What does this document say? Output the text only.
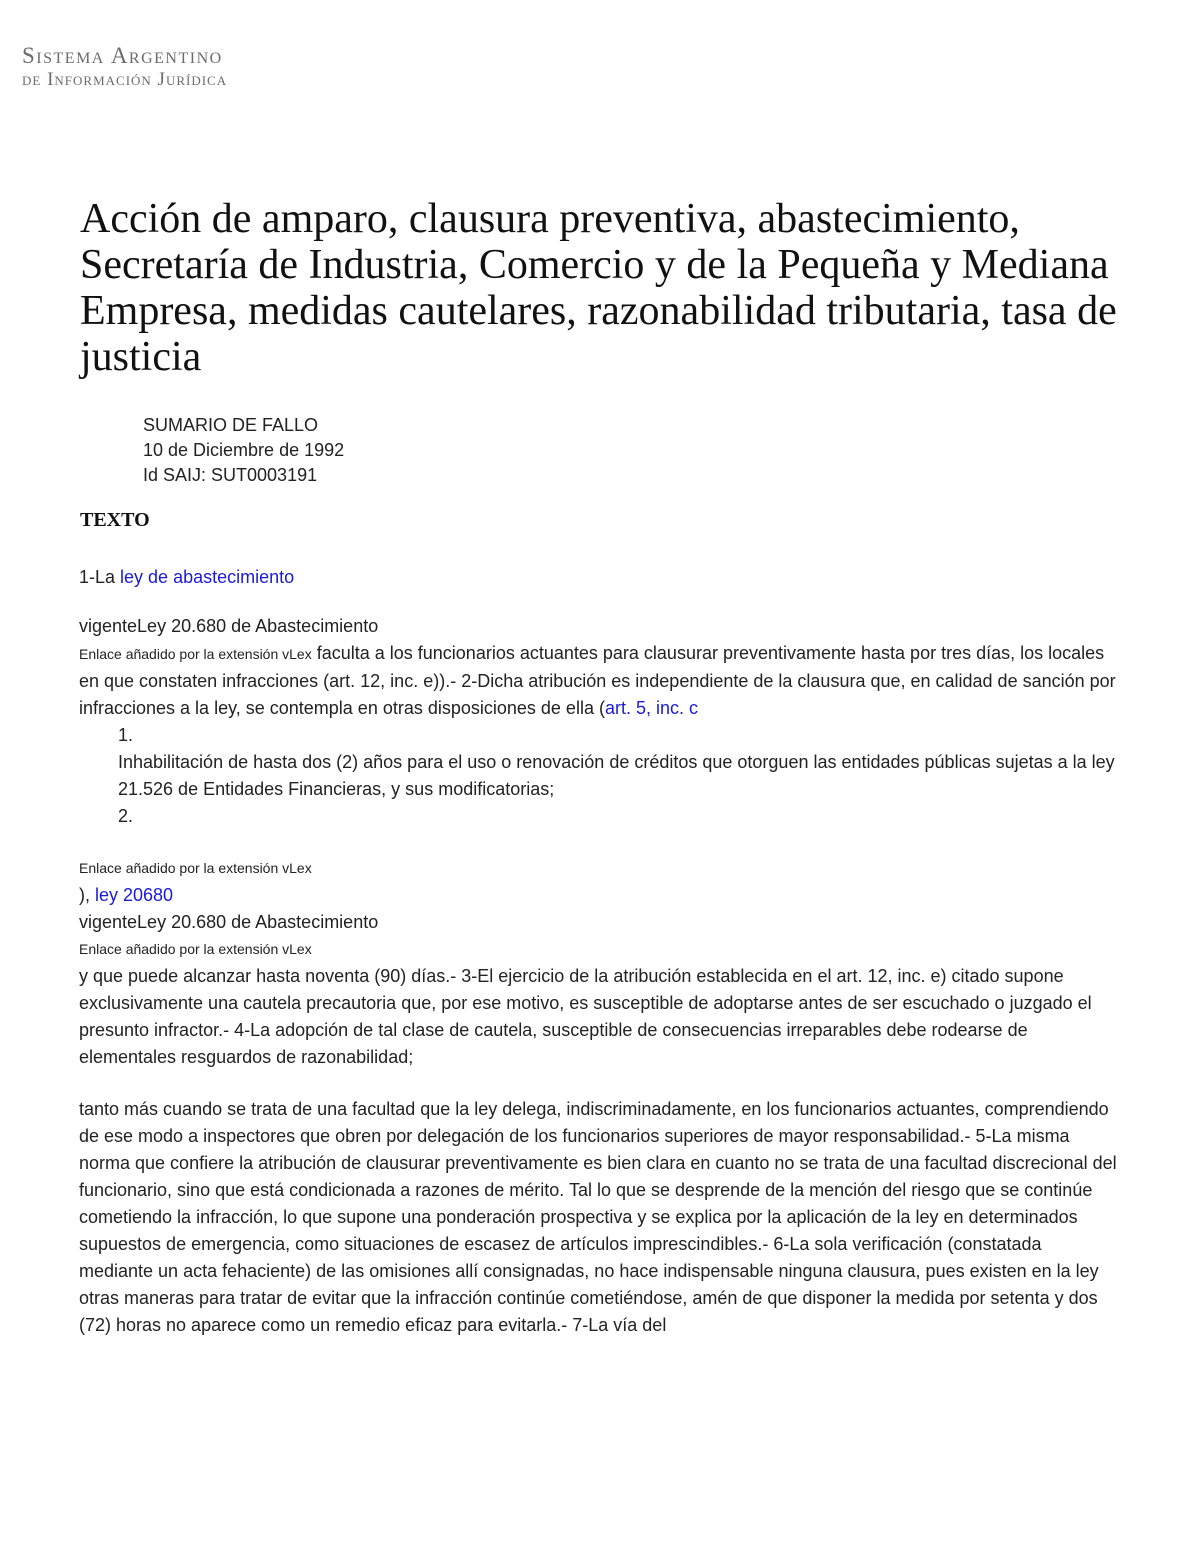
Sistema Argentino
de Información Jurídica
Acción de amparo, clausura preventiva, abastecimiento, Secretaría de Industria, Comercio y de la Pequeña y Mediana Empresa, medidas cautelares, razonabilidad tributaria, tasa de justicia
SUMARIO DE FALLO
10 de Diciembre de 1992
Id SAIJ: SUT0003191
TEXTO

1-La ley de abastecimiento

vigenteLey 20.680 de Abastecimiento

Enlace añadido por la extensión vLex faculta a los funcionarios actuantes para clausurar preventivamente hasta por tres días, los locales en que constaten infracciones (art. 12, inc. e)).- 2-Dicha atribución es independiente de la clausura que, en calidad de sanción por infracciones a la ley, se contempla en otras disposiciones de ella (art. 5, inc. c

1.

Inhabilitación de hasta dos (2) años para el uso o renovación de créditos que otorguen las entidades públicas sujetas a la ley 21.526 de Entidades Financieras, y sus modificatorias;

2.

Enlace añadido por la extensión vLex

), ley 20680

vigenteLey 20.680 de Abastecimiento

Enlace añadido por la extensión vLex

y que puede alcanzar hasta noventa (90) días.- 3-El ejercicio de la atribución establecida en el art. 12, inc. e) citado supone exclusivamente una cautela precautoria que, por ese motivo, es susceptible de adoptarse antes de ser escuchado o juzgado el presunto infractor.- 4-La adopción de tal clase de cautela, susceptible de consecuencias irreparables debe rodearse de elementales resguardos de razonabilidad;

tanto más cuando se trata de una facultad que la ley delega, indiscriminadamente, en los funcionarios actuantes, comprendiendo de ese modo a inspectores que obren por delegación de los funcionarios superiores de mayor responsabilidad.- 5-La misma norma que confiere la atribución de clausurar preventivamente es bien clara en cuanto no se trata de una facultad discrecional del funcionario, sino que está condicionada a razones de mérito. Tal lo que se desprende de la mención del riesgo que se continúe cometiendo la infracción, lo que supone una ponderación prospectiva y se explica por la aplicación de la ley en determinados supuestos de emergencia, como situaciones de escasez de artículos imprescindibles.- 6-La sola verificación (constatada mediante un acta fehaciente) de las omisiones allí consignadas, no hace indispensable ninguna clausura, pues existen en la ley otras maneras para tratar de evitar que la infracción continúe cometiéndose, amén de que disponer la medida por setenta y dos (72) horas no aparece como un remedio eficaz para evitarla.- 7-La vía del
